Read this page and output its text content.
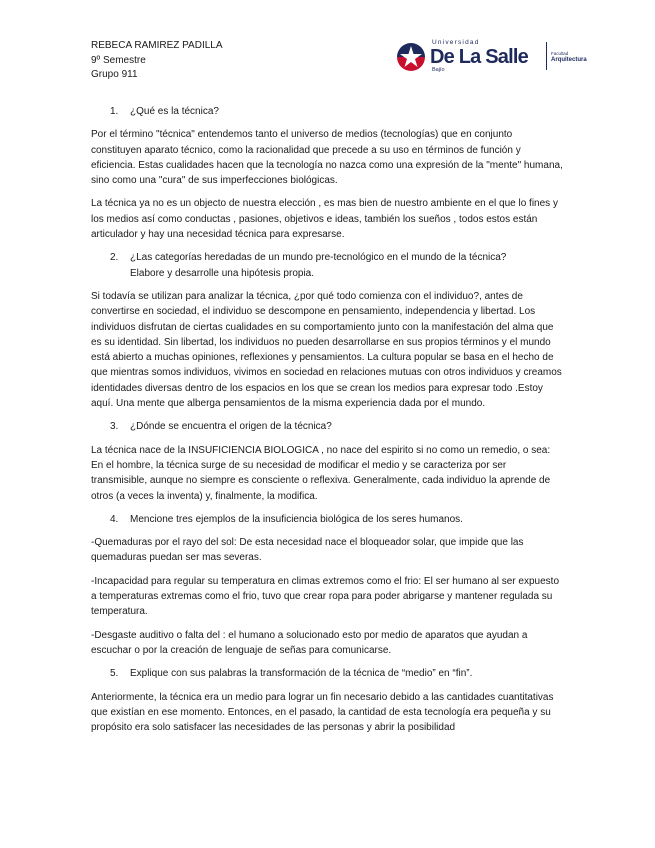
REBECA RAMIREZ PADILLA
9º Semestre
Grupo 911
Universidad
De La Salle
Bajío
Facultad
Arquitectura
1. ¿Qué es la técnica?

Por el término "técnica" entendemos tanto el universo de medios (tecnologías) que en conjunto constituyen aparato técnico, como la racionalidad que precede a su uso en términos de función y eficiencia. Estas cualidades hacen que la tecnología no nazca como una expresión de la "mente" humana, sino como una "cura" de sus imperfecciones biológicas.

La técnica ya no es un objecto de nuestra elección , es mas bien de nuestro ambiente en el que lo fines y los medios así como conductas , pasiones, objetivos e ideas, también los sueños , todos estos están articulador y hay una necesidad técnica para expresarse.

2. ¿Las categorías heredadas de un mundo pre-tecnológico en el mundo de la técnica?
Elabore y desarrolle una hipótesis propia.

Si todavía se utilizan para analizar la técnica, ¿por qué todo comienza con el individuo?, antes de convertirse en sociedad, el individuo se descompone en pensamiento, independencia y libertad. Los individuos disfrutan de ciertas cualidades en su comportamiento junto con la manifestación del alma que es su identidad. Sin libertad, los individuos no pueden desarrollarse en sus propios términos y el mundo está abierto a muchas opiniones, reflexiones y pensamientos. La cultura popular se basa en el hecho de que mientras somos individuos, vivimos en sociedad en relaciones mutuas con otros individuos y creamos identidades diversas dentro de los espacios en los que se crean los medios para expresar todo .Estoy aquí. Una mente que alberga pensamientos de la misma experiencia dada por el mundo.

3. ¿Dónde se encuentra el origen de la técnica?

La técnica nace de la INSUFICIENCIA BIOLOGICA , no nace del espirito si no como un remedio, o sea: En el hombre, la técnica surge de su necesidad de modificar el medio y se caracteriza por ser transmisible, aunque no siempre es consciente o reflexiva. Generalmente, cada individuo la aprende de otros (a veces la inventa) y, finalmente, la modifica.

4. Mencione tres ejemplos de la insuficiencia biológica de los seres humanos.

-Quemaduras por el rayo del sol: De esta necesidad nace el bloqueador solar, que impide que las quemaduras puedan ser mas severas.

-Incapacidad para regular su temperatura en climas extremos como el frio: El ser humano al ser expuesto a temperaturas extremas como el frio, tuvo que crear ropa para poder abrigarse y mantener regulada su temperatura.

-Desgaste auditivo o falta del : el humano a solucionado esto por medio de aparatos que ayudan a escuchar o por la creación de lenguaje de señas para comunicarse.

5. Explique con sus palabras la transformación de la técnica de “medio” en “fin”.

Anteriormente, la técnica era un medio para lograr un fin necesario debido a las cantidades cuantitativas que existían en ese momento. Entonces, en el pasado, la cantidad de esta tecnología era pequeña y su propósito era solo satisfacer las necesidades de las personas y abrir la posibilidad
